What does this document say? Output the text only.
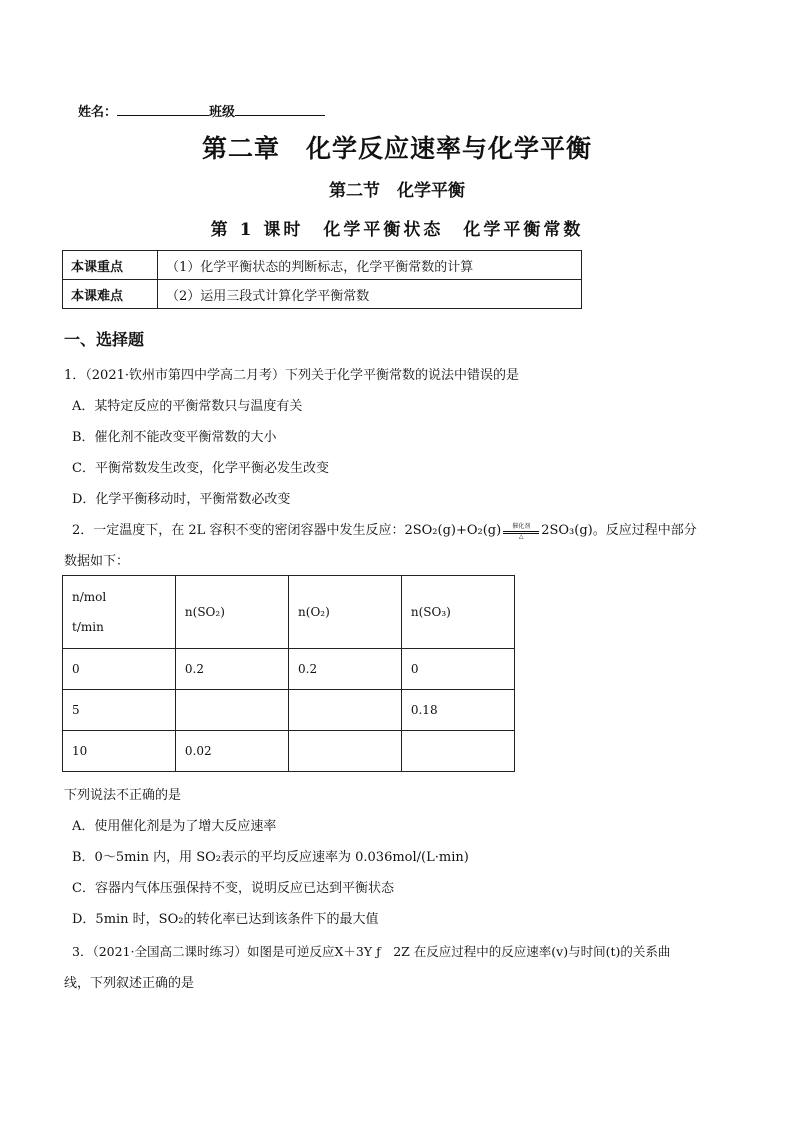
姓名：	班级
第二章　化学反应速率与化学平衡
第二节　化学平衡
第 1 课时　化学平衡状态　化学平衡常数
本课重点	（1）化学平衡状态的判断标志，化学平衡常数的计算
本课难点	（2）运用三段式计算化学平衡常数
一、选择题
1．（2021·钦州市第四中学高二月考）下列关于化学平衡常数的说法中错误的是
A．某特定反应的平衡常数只与温度有关
B．催化剂不能改变平衡常数的大小
C．平衡常数发生改变，化学平衡必发生改变
D．化学平衡移动时，平衡常数必改变
2．一定温度下，在 2L 容积不变的密闭容器中发生反应：2SO₂(g)+O₂(g)	催化剂
△	2SO₃(g)。反应过程中部分
数据如下：
n/mol
t/min	n(SO₂)	n(O₂)	n(SO₃)
0	0.2	0.2	0
5			0.18
10	0.02		
下列说法不正确的是
A．使用催化剂是为了增大反应速率
B．0～5min 内，用 SO₂表示的平均反应速率为 0.036mol/(L·min)
C．容器内气体压强保持不变，说明反应已达到平衡状态
D．5min 时，SO₂的转化率已达到该条件下的最大值
3．（2021·全国高二课时练习）如图是可逆反应X＋3Y ƒ　2Z 在反应过程中的反应速率(v)与时间(t)的关系曲
线，下列叙述正确的是
